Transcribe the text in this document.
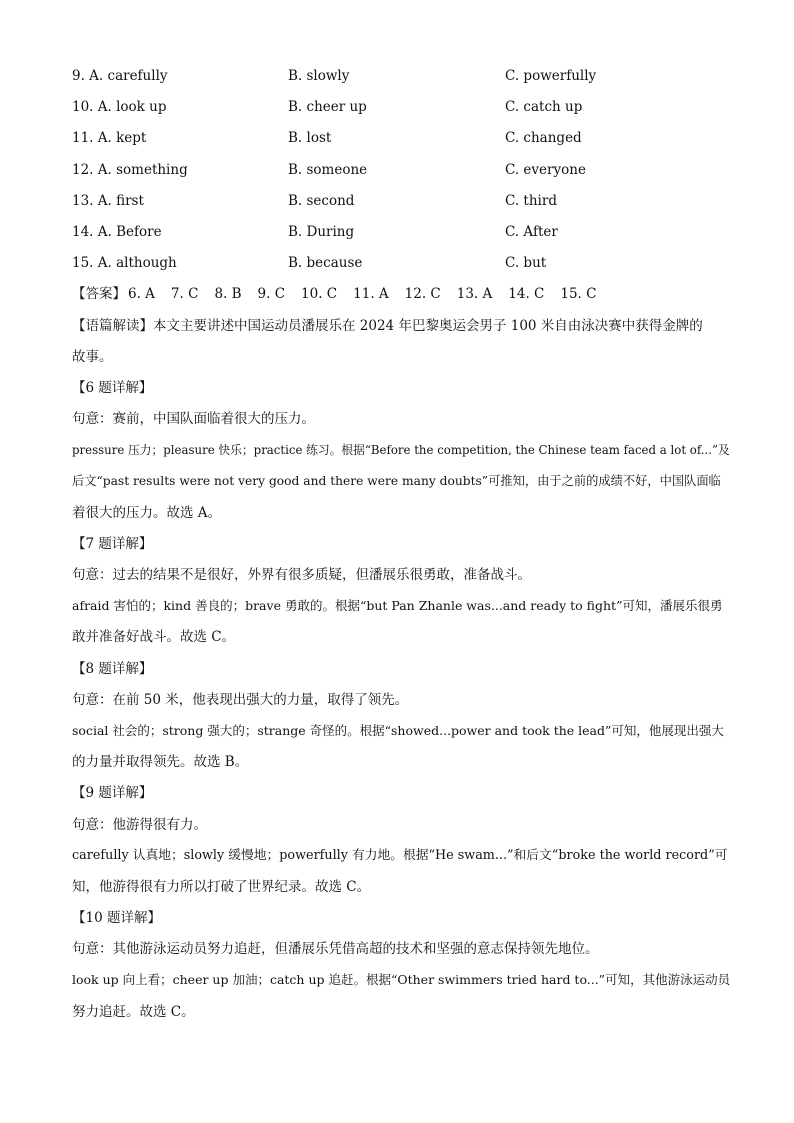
9. A. carefully	B. slowly	C. powerfully
10. A. look up	B. cheer up	C. catch up
11. A. kept	B. lost	C. changed
12. A. something	B. someone	C. everyone
13. A. first	B. second	C. third
14. A. Before	B. During	C. After
15. A. although	B. because	C. but
【答案】 6. A 7. C 8. B 9. C 10. C 11. A 12. C 13. A 14. C 15. C
【语篇解读】本文主要讲述中国运动员潘展乐在 2024 年巴黎奥运会男子 100 米自由泳决赛中获得金牌的
故事。
【6 题详解】
句意：赛前，中国队面临着很大的压力。
pressure 压力；pleasure 快乐；practice 练习。根据“Before the competition, the Chinese team faced a lot of...”及
后文“past results were not very good and there were many doubts”可推知，由于之前的成绩不好，中国队面临
着很大的压力。故选 A。
【7 题详解】
句意：过去的结果不是很好，外界有很多质疑，但潘展乐很勇敢，准备战斗。
afraid 害怕的；kind 善良的；brave 勇敢的。根据“but Pan Zhanle was...and ready to fight”可知，潘展乐很勇
敢并准备好战斗。故选 C。
【8 题详解】
句意：在前 50 米，他表现出强大的力量，取得了领先。
social 社会的；strong 强大的；strange 奇怪的。根据“showed...power and took the lead”可知，他展现出强大
的力量并取得领先。故选 B。
【9 题详解】
句意：他游得很有力。
carefully 认真地；slowly 缓慢地；powerfully 有力地。根据“He swam...”和后文“broke the world record”可
知，他游得很有力所以打破了世界纪录。故选 C。
【10 题详解】
句意：其他游泳运动员努力追赶，但潘展乐凭借高超的技术和坚强的意志保持领先地位。
look up 向上看；cheer up 加油；catch up 追赶。根据“Other swimmers tried hard to...”可知，其他游泳运动员
努力追赶。故选 C。
